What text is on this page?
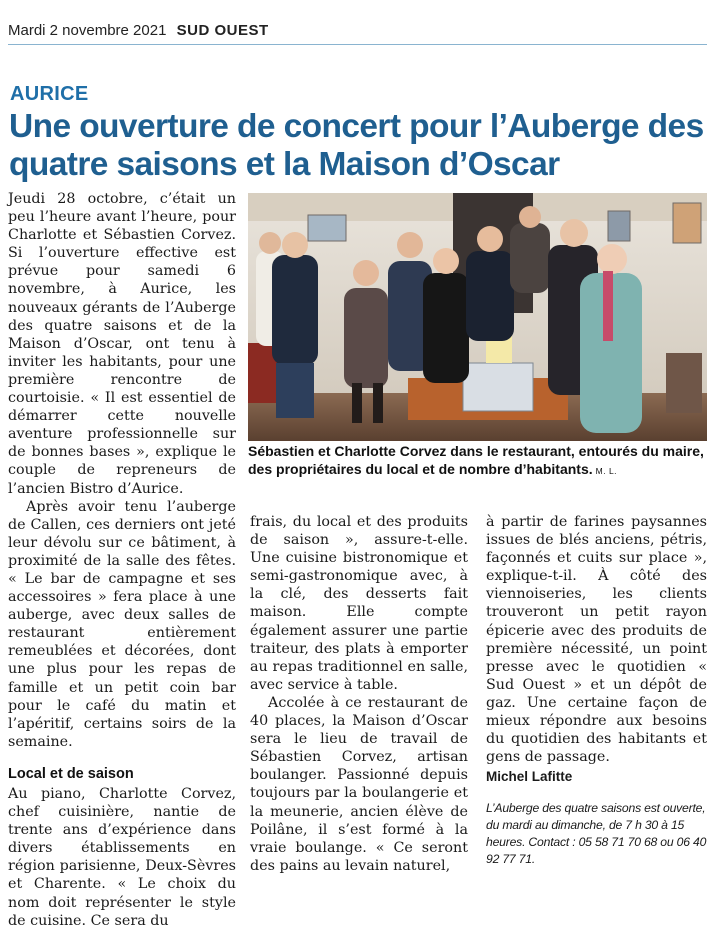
Mardi 2 novembre 2021 SUD OUEST
AURICE
Une ouverture de concert pour l’Auberge des quatre saisons et la Maison d’Oscar

Jeudi 28 octobre, c’était un peu l’heure avant l’heure, pour Charlotte et Sébastien Corvez. Si l’ouverture effective est prévue pour samedi 6 novembre, à Aurice, les nouveaux gérants de l’Auberge des quatre saisons et de la Maison d’Oscar, ont tenu à inviter les habitants, pour une première rencontre de courtoisie. « Il est essentiel de démarrer cette nouvelle aventure professionnelle sur de bonnes bases », explique le couple de repreneurs de l’ancien Bistro d’Aurice.

Après avoir tenu l’auberge de Callen, ces derniers ont jeté leur dévolu sur ce bâtiment, à proximité de la salle des fêtes. « Le bar de campagne et ses accessoires » fera place à une auberge, avec deux salles de restaurant entièrement remeublées et décorées, dont une plus pour les repas de famille et un petit coin bar pour le café du matin et l’apéritif, certains soirs de la semaine.

Local et de saison

Au piano, Charlotte Corvez, chef cuisinière, nantie de trente ans d’expérience dans divers établissements en région parisienne, Deux-Sèvres et Charente. « Le choix du nom doit représenter le style de cuisine. Ce sera du

Sébastien et Charlotte Corvez dans le restaurant, entourés du maire, des propriétaires du local et de nombre d’habitants. M. L.

frais, du local et des produits de saison », assure-t-elle. Une cuisine bistronomique et semi-gastronomique avec, à la clé, des desserts fait maison. Elle compte également assurer une partie traiteur, des plats à emporter au repas traditionnel en salle, avec service à table.

Accolée à ce restaurant de 40 places, la Maison d’Oscar sera le lieu de travail de Sébastien Corvez, artisan boulanger. Passionné depuis toujours par la boulangerie et la meunerie, ancien élève de Poilâne, il s’est formé à la vraie boulange. « Ce seront des pains au levain naturel,

à partir de farines paysannes issues de blés anciens, pétris, façonnés et cuits sur place », explique-t-il. À côté des viennoiseries, les clients trouveront un petit rayon épicerie avec des produits de première nécessité, un point presse avec le quotidien « Sud Ouest » et un dépôt de gaz. Une certaine façon de mieux répondre aux besoins du quotidien des habitants et gens de passage.

Michel Lafitte
L’Auberge des quatre saisons est ouverte, du mardi au dimanche, de 7 h 30 à 15 heures. Contact : 05 58 71 70 68 ou 06 40 92 77 71.
